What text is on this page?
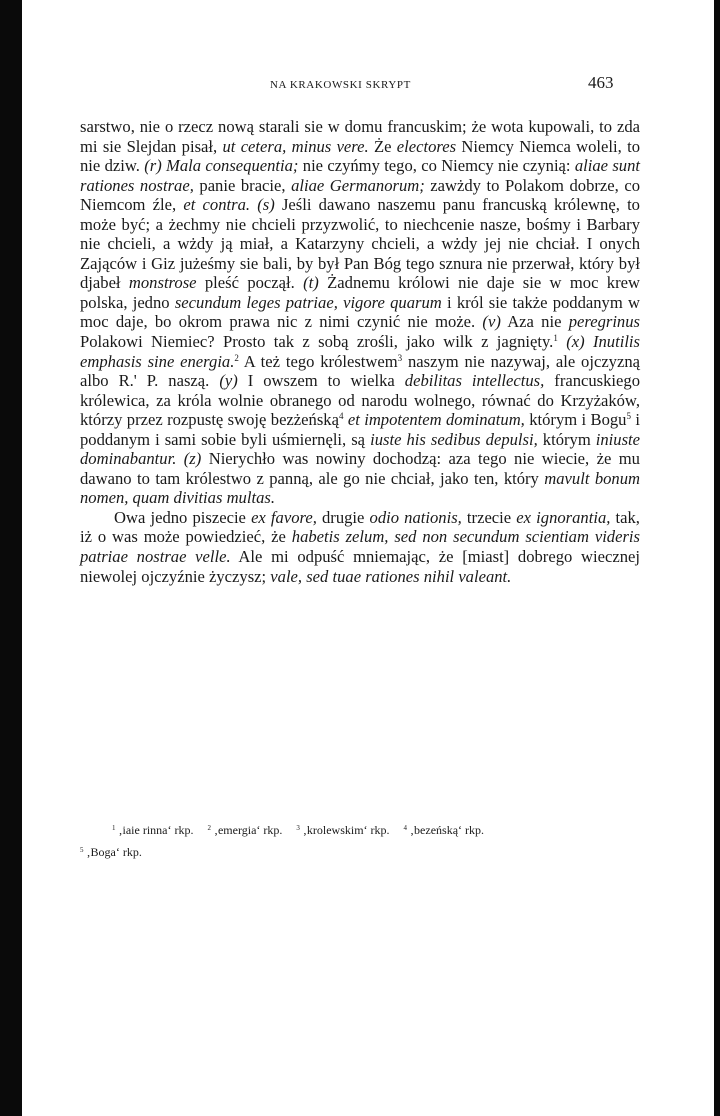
NA KRAKOWSKI SKRYPT	463

sarstwo, nie o rzecz nową starali sie w domu francuskim; że wota kupowali, to zda mi sie Slejdan pisał, ut cetera, minus vere. Że electores Niemcy Niemca woleli, to nie dziw. (r) Mala consequentia; nie czyńmy tego, co Niemcy nie czynią: aliae sunt rationes nostrae, panie bracie, aliae Germanorum; zawżdy to Polakom dobrze, co Niemcom źle, et contra. (s) Jeśli dawano naszemu panu francuską królewnę, to może być; a żechmy nie chcieli przyzwolić, to niechcenie nasze, bośmy i Barbary nie chcieli, a wżdy ją miał, a Katarzyny chcieli, a wżdy jej nie chciał. I onych Zająców i Giz jużeśmy sie bali, by był Pan Bóg tego sznura nie przerwał, który był djabeł monstrose pleść począł. (t) Żadnemu królowi nie daje sie w moc krew polska, jedno secundum leges patriae, vigore quarum i król sie także poddanym w moc daje, bo okrom prawa nic z nimi czynić nie może. (v) Aza nie peregrinus Polakowi Niemiec? Prosto tak z sobą zrośli, jako wilk z jagnięty.$^1$ (x) Inutilis emphasis sine energia.$^2$ A też tego królestwem$^3$ naszym nie nazywaj, ale ojczyzną albo R.' P. naszą. (y) I owszem to wielka debilitas intellectus, francuskiego królewica, za króla wolnie obranego od narodu wolnego, równać do Krzyżaków, którzy przez rozpustę swoję bezżeńską$^4$ et impotentem dominatum, którym i Bogu$^5$ i poddanym i sami sobie byli uśmiernęli, są iuste his sedibus depulsi, którym iniuste dominabantur. (z) Nierychło was nowiny dochodzą: aza tego nie wiecie, że mu dawano to tam królestwo z panną, ale go nie chciał, jako ten, który mavult bonum nomen, quam divitias multas.

Owa jedno piszecie ex favore, drugie odio nationis, trzecie ex ignorantia, tak, iż o was może powiedzieć, że habetis zelum, sed non secundum scientiam videris patriae nostrae velle. Ale mi odpuść mniemając, że [miast] dobrego wiecznej niewolej ojczyźnie życzysz; vale, sed tuae rationes nihil valeant.

$^1$ ‚iaie rinna‘ rkp. $^2$ ‚emergia‘ rkp. $^3$ ‚krolewskim‘ rkp. $^4$ ‚bezeńską‘ rkp.

$^5$ ‚Boga‘ rkp.
